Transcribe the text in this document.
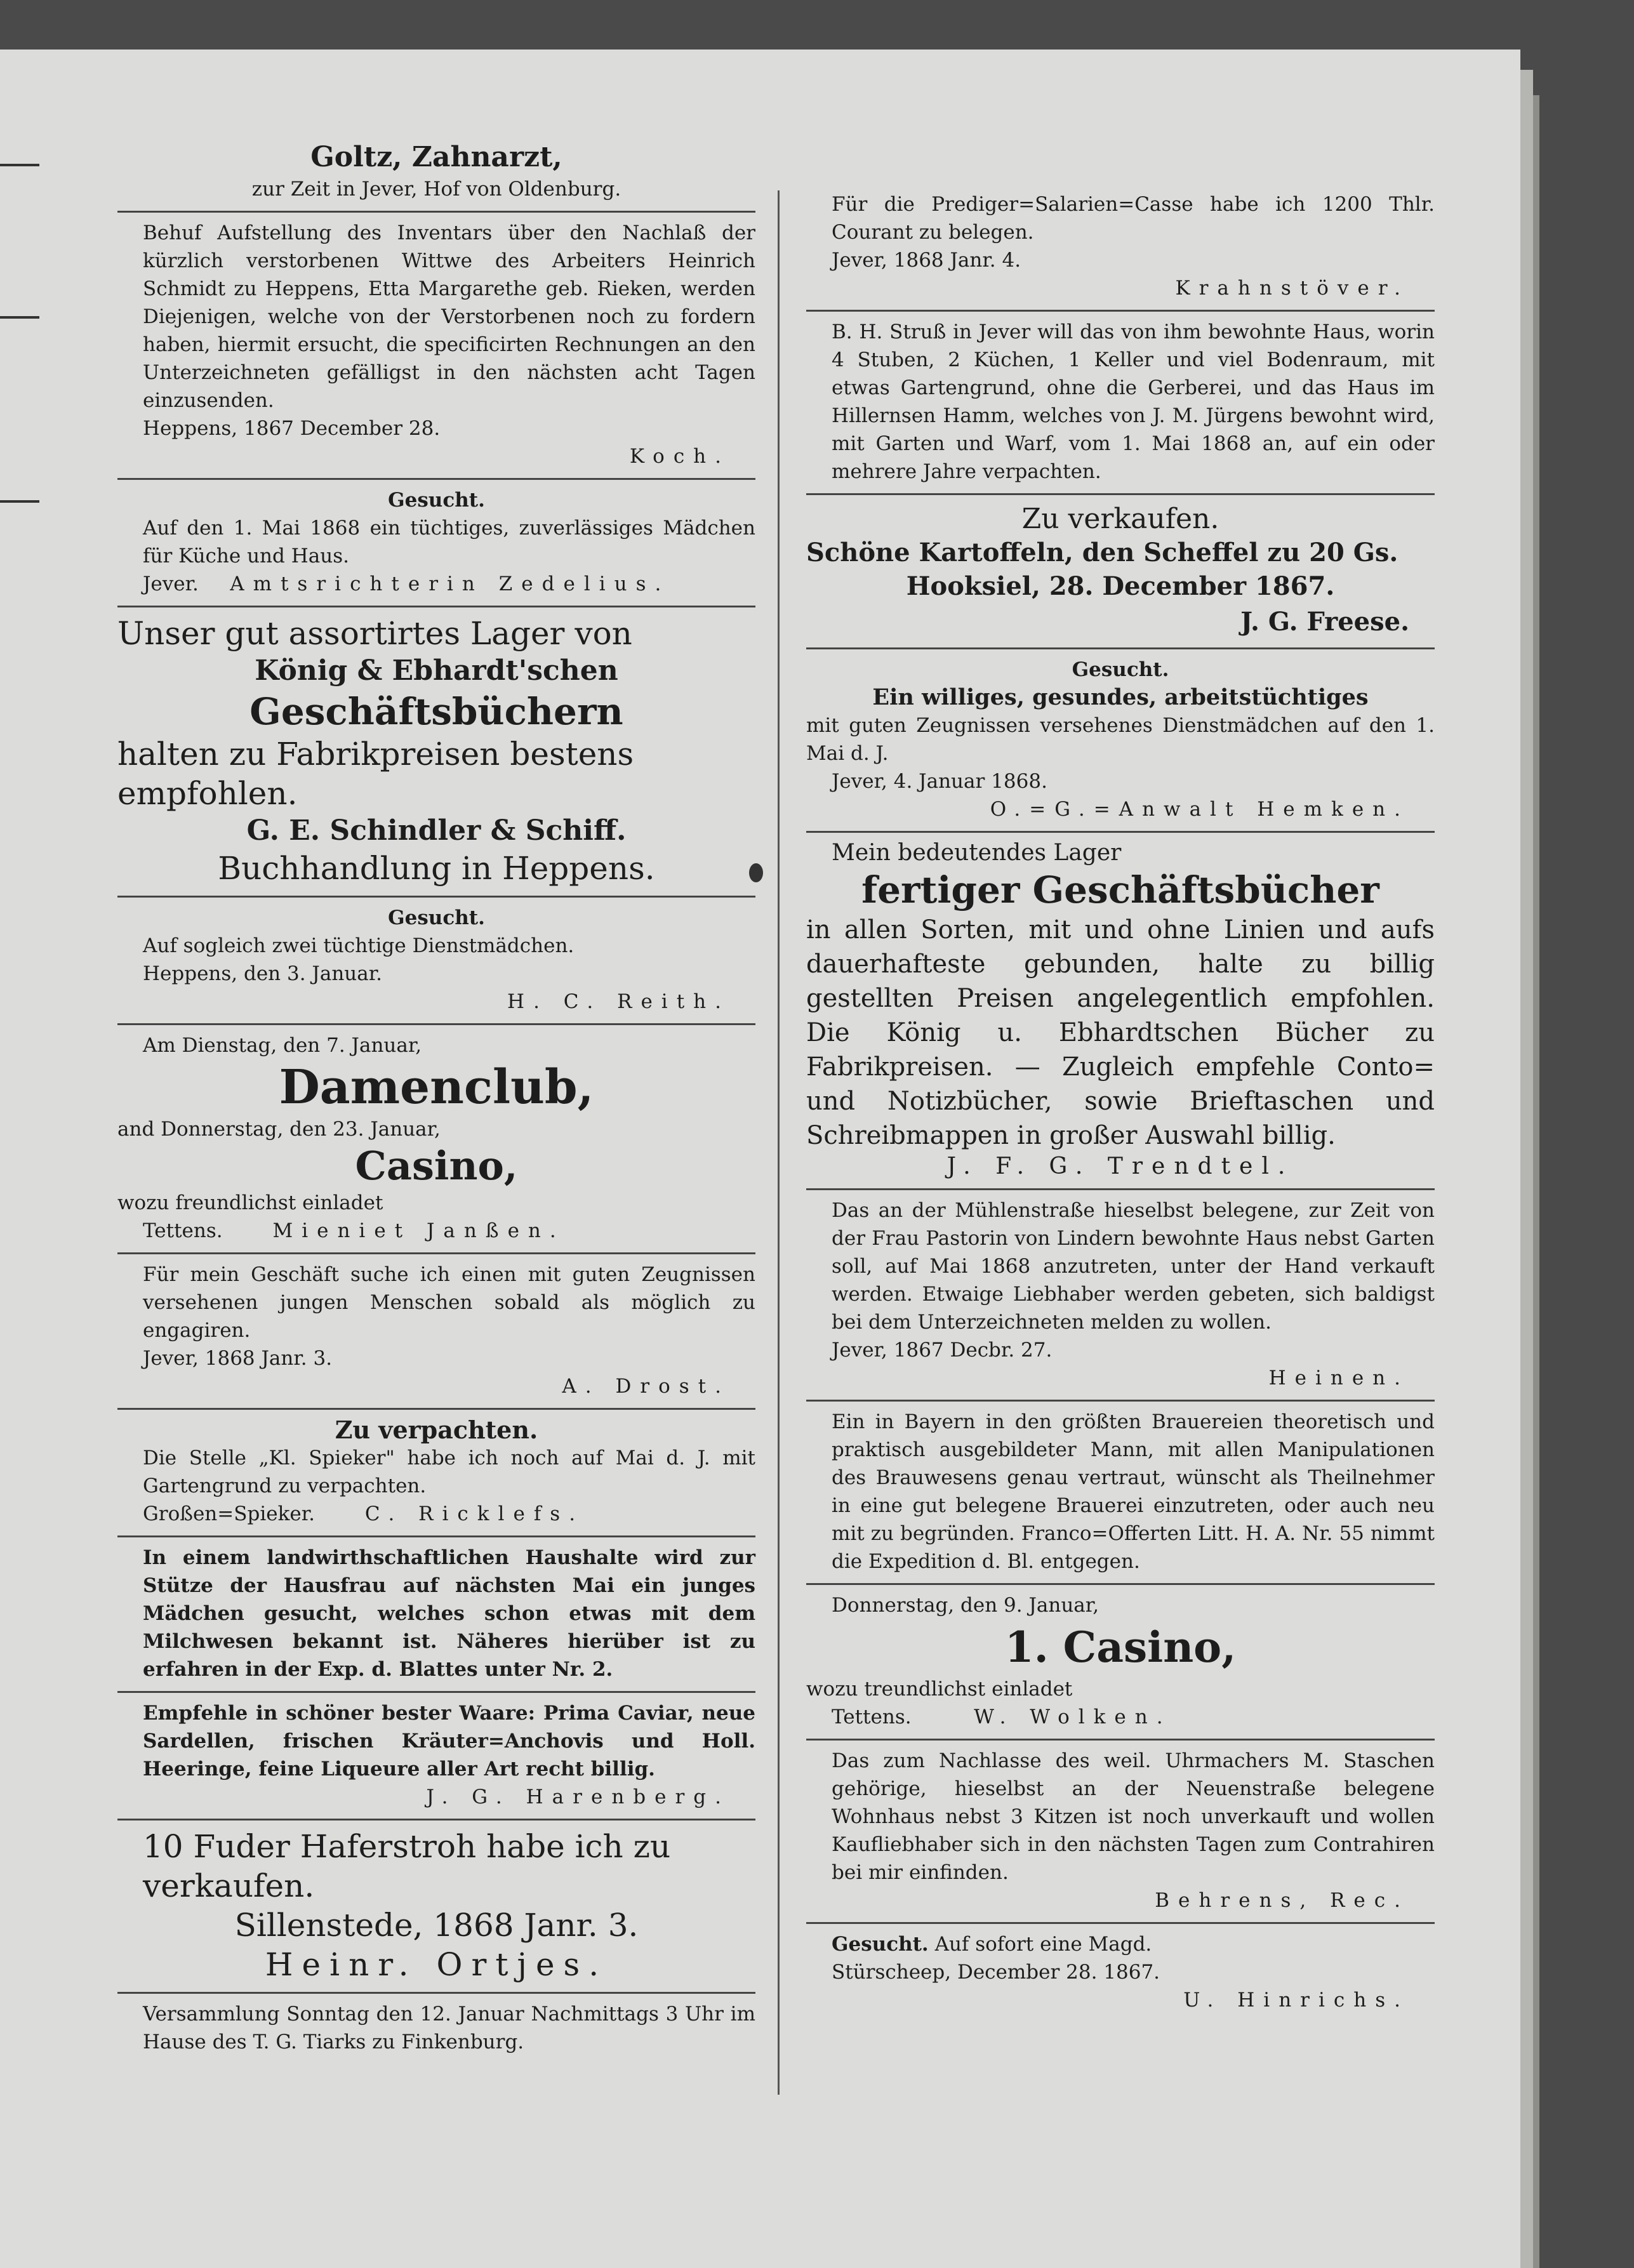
Goltz, Zahnarzt,

zur Zeit in Jever, Hof von Oldenburg.

Behuf Aufstellung des Inventars über den Nachlaß der kürzlich verstorbenen Wittwe des Arbeiters Heinrich Schmidt zu Heppens, Etta Margarethe geb. Rieken, werden Diejenigen, welche von der Verstorbenen noch zu fordern haben, hiermit ersucht, die specificirten Rechnungen an den Unterzeichneten gefälligst in den nächsten acht Tagen einzusenden.

Heppens, 1867 December 28.

Koch.

Gesucht.

Auf den 1. Mai 1868 ein tüchtiges, zuverlässiges Mädchen für Küche und Haus.

Jever. Amtsrichterin Zedelius.

Unser gut assortirtes Lager von

König & Ebhardt'schen

Geschäftsbüchern

halten zu Fabrikpreisen bestens empfohlen.

G. E. Schindler & Schiff.

Buchhandlung in Heppens.

Gesucht.

Auf sogleich zwei tüchtige Dienstmädchen.

Heppens, den 3. Januar.

H. C. Reith.

Am Dienstag, den 7. Januar,

Damenclub,

and Donnerstag, den 23. Januar,

Casino,

wozu freundlichst einladet

Tettens.	Mieniet Janßen.

Für mein Geschäft suche ich einen mit guten Zeugnissen versehenen jungen Menschen sobald als möglich zu engagiren.

Jever, 1868 Janr. 3.

A. Drost.

Zu verpachten.

Die Stelle „Kl. Spieker" habe ich noch auf Mai d. J. mit Gartengrund zu verpachten.

Großen=Spieker.	C. Ricklefs.

In einem landwirthschaftlichen Haushalte wird zur Stütze der Hausfrau auf nächsten Mai ein junges Mädchen gesucht, welches schon etwas mit dem Milchwesen bekannt ist. Näheres hierüber ist zu erfahren in der Exp. d. Blattes unter Nr. 2.

Empfehle in schöner bester Waare: Prima Caviar, neue Sardellen, frischen Kräuter=Anchovis und Holl. Heeringe, feine Liqueure aller Art recht billig.

J. G. Harenberg.

10 Fuder Haferstroh habe ich zu verkaufen.

Sillenstede, 1868 Janr. 3.

Heinr. Ortjes.

Versammlung Sonntag den 12. Januar Nachmittags 3 Uhr im Hause des T. G. Tiarks zu Finkenburg.

Für die Prediger=Salarien=Casse habe ich 1200 Thlr. Courant zu belegen.

Jever, 1868 Janr. 4.

Krahnstöver.

B. H. Struß in Jever will das von ihm bewohnte Haus, worin 4 Stuben, 2 Küchen, 1 Keller und viel Bodenraum, mit etwas Gartengrund, ohne die Gerberei, und das Haus im Hillernsen Hamm, welches von J. M. Jürgens bewohnt wird, mit Garten und Warf, vom 1. Mai 1868 an, auf ein oder mehrere Jahre verpachten.

Zu verkaufen.

Schöne Kartoffeln, den Scheffel zu 20 Gs.

Hooksiel, 28. December 1867.

J. G. Freese.

Gesucht.

Ein williges, gesundes, arbeitstüchtiges

mit guten Zeugnissen versehenes Dienstmädchen auf den 1. Mai d. J.

Jever, 4. Januar 1868.

O.=G.=Anwalt Hemken.

Mein bedeutendes Lager

fertiger Geschäftsbücher

in allen Sorten, mit und ohne Linien und aufs dauerhafteste gebunden, halte zu billig gestellten Preisen angelegentlich empfohlen. Die König u. Ebhardtschen Bücher zu Fabrikpreisen. — Zugleich empfehle Conto= und Notizbücher, sowie Brieftaschen und Schreibmappen in großer Auswahl billig.

J. F. G. Trendtel.

Das an der Mühlenstraße hieselbst belegene, zur Zeit von der Frau Pastorin von Lindern bewohnte Haus nebst Garten soll, auf Mai 1868 anzutreten, unter der Hand verkauft werden. Etwaige Liebhaber werden gebeten, sich baldigst bei dem Unterzeichneten melden zu wollen.

Jever, 1867 Decbr. 27.

Heinen.

Ein in Bayern in den größten Brauereien theoretisch und praktisch ausgebildeter Mann, mit allen Manipulationen des Brauwesens genau vertraut, wünscht als Theilnehmer in eine gut belegene Brauerei einzutreten, oder auch neu mit zu begründen. Franco=Offerten Litt. H. A. Nr. 55 nimmt die Expedition d. Bl. entgegen.

Donnerstag, den 9. Januar,

1. Casino,

wozu treundlichst einladet

Tettens.	W. Wolken.

Das zum Nachlasse des weil. Uhrmachers M. Staschen gehörige, hieselbst an der Neuenstraße belegene Wohnhaus nebst 3 Kitzen ist noch unverkauft und wollen Kaufliebhaber sich in den nächsten Tagen zum Contrahiren bei mir einfinden.

Behrens, Rec.

Gesucht. Auf sofort eine Magd.

Stürscheep, December 28. 1867.

U. Hinrichs.
